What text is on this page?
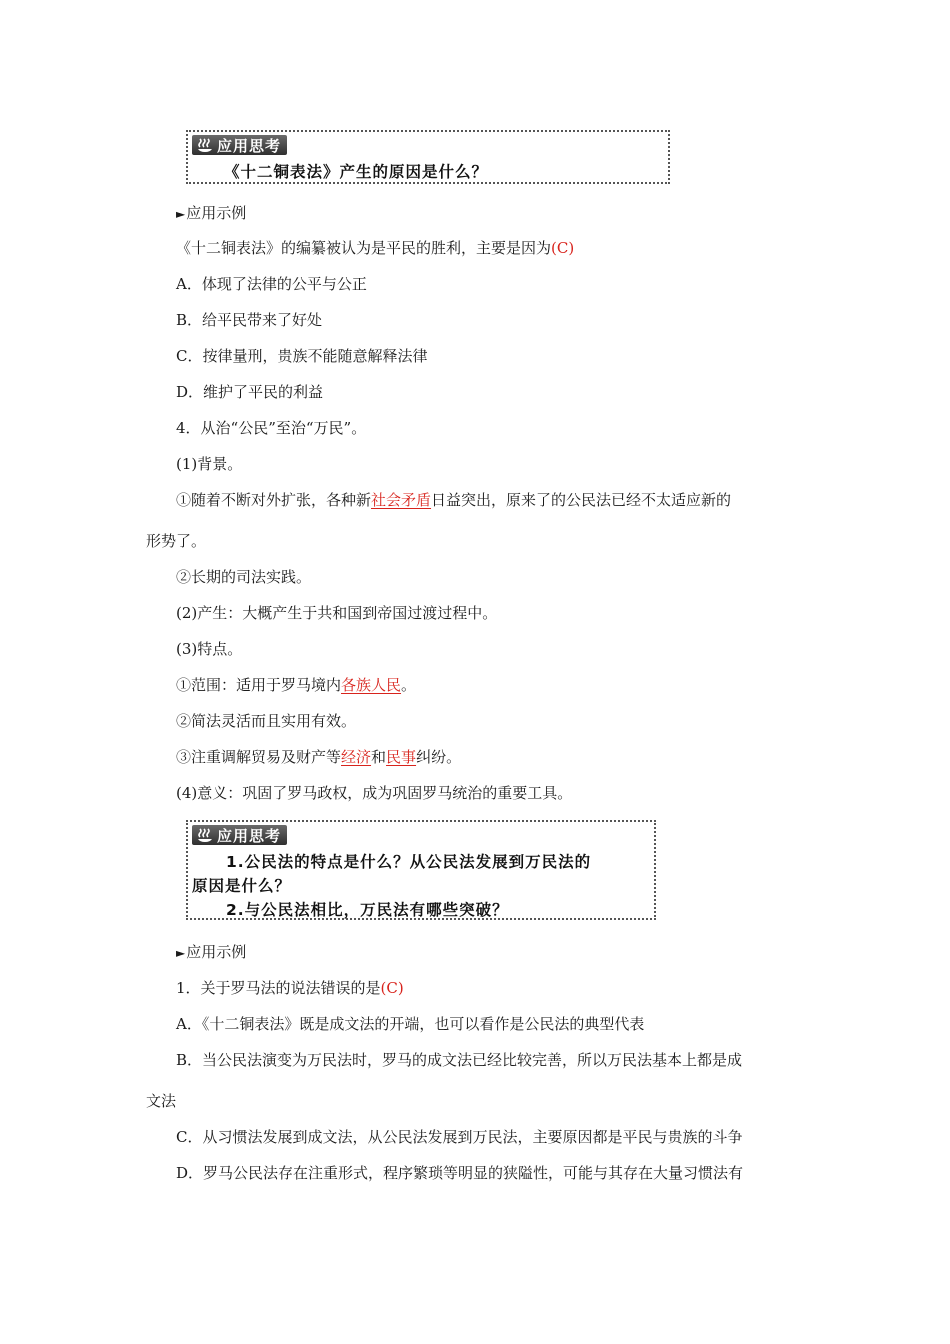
应用思考
《十二铜表法》产生的原因是什么？
►应用示例
《十二铜表法》的编纂被认为是平民的胜利，主要是因为(C)
A．体现了法律的公平与公正
B．给平民带来了好处
C．按律量刑，贵族不能随意解释法律
D．维护了平民的利益
4．从治“公民”至治“万民”。
(1)背景。
①随着不断对外扩张，各种新社会矛盾日益突出，原来了的公民法已经不太适应新的
形势了。
②长期的司法实践。
(2)产生：大概产生于共和国到帝国过渡过程中。
(3)特点。
①范围：适用于罗马境内各族人民。
②简法灵活而且实用有效。
③注重调解贸易及财产等经济和民事纠纷。
(4)意义：巩固了罗马政权，成为巩固罗马统治的重要工具。
应用思考
1.公民法的特点是什么？从公民法发展到万民法的
原因是什么？
2.与公民法相比，万民法有哪些突破？
►应用示例
1．关于罗马法的说法错误的是(C)
A．《十二铜表法》既是成文法的开端，也可以看作是公民法的典型代表
B．当公民法演变为万民法时，罗马的成文法已经比较完善，所以万民法基本上都是成
文法
C．从习惯法发展到成文法，从公民法发展到万民法，主要原因都是平民与贵族的斗争
D．罗马公民法存在注重形式，程序繁琐等明显的狭隘性，可能与其存在大量习惯法有
